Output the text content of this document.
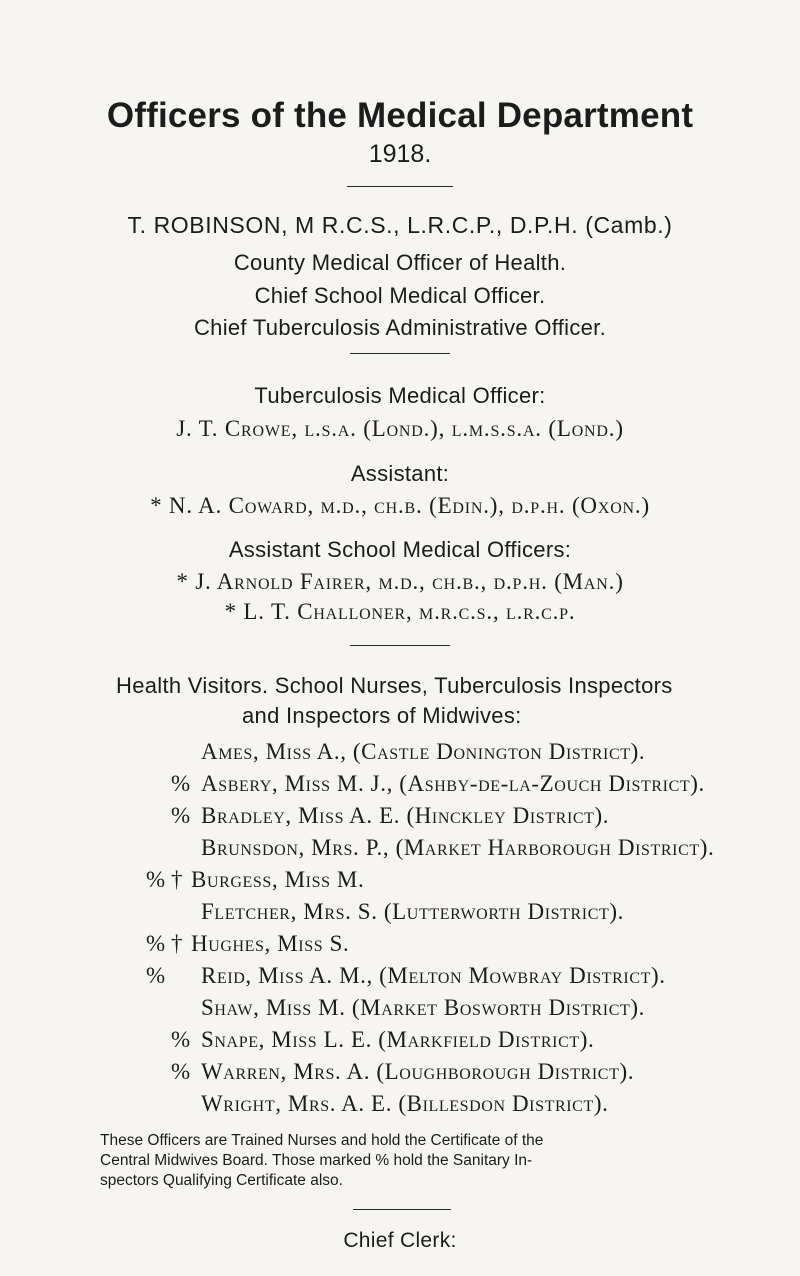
Officers of the Medical Department
1918.
T. ROBINSON, M R.C.S., L.R.C.P., D.P.H. (Camb.)
County Medical Officer of Health.
Chief School Medical Officer.
Chief Tuberculosis Administrative Officer.
Tuberculosis Medical Officer:
J. T. Crowe, l.s.a. (Lond.), l.m.s.s.a. (Lond.)
Assistant:
* N. A. Coward, m.d., ch.b. (Edin.), d.p.h. (Oxon.)
Assistant School Medical Officers:
* J. Arnold Fairer, m.d., ch.b., d.p.h. (Man.)
* L. T. Challoner, m.r.c.s., l.r.c.p.
Health Visitors. School Nurses, Tuberculosis Inspectors
and Inspectors of Midwives:
Ames, Miss A., (Castle Donington District).
% Asbery, Miss M. J., (Ashby-de-la-Zouch District).
% Bradley, Miss A. E. (Hinckley District).
Brunsdon, Mrs. P., (Market Harborough District).
% † Burgess, Miss M.
Fletcher, Mrs. S. (Lutterworth District).
% † Hughes, Miss S.
% Reid, Miss A. M., (Melton Mowbray District).
Shaw, Miss M. (Market Bosworth District).
% Snape, Miss L. E. (Markfield District).
% Warren, Mrs. A. (Loughborough District).
Wright, Mrs. A. E. (Billesdon District).
These Officers are Trained Nurses and hold the Certificate of the
Central Midwives Board. Those marked % hold the Sanitary In-
spectors Qualifying Certificate also.
Chief Clerk:
